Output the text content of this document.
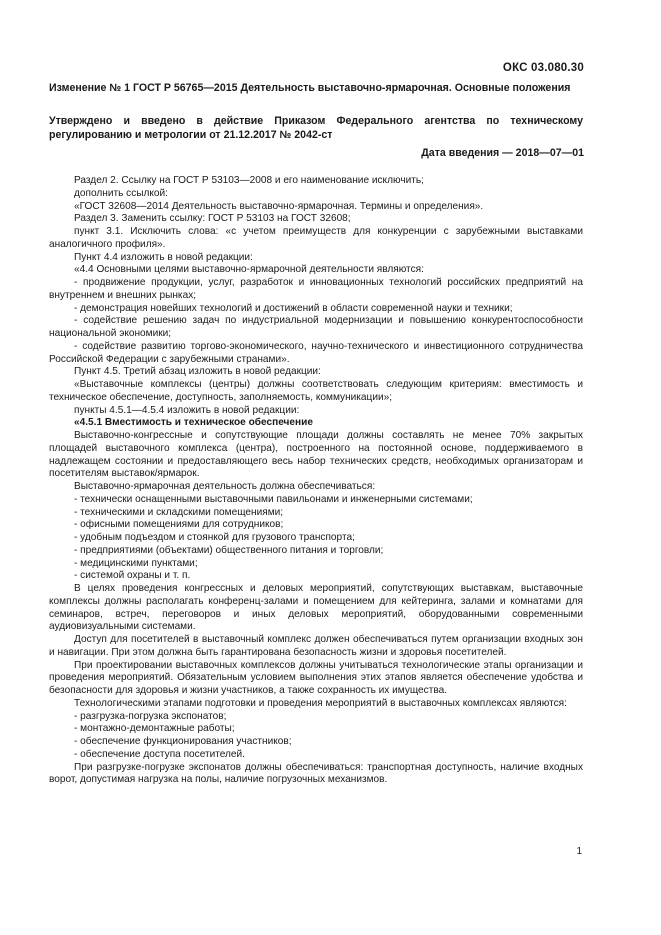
ОКС 03.080.30
Изменение № 1 ГОСТ Р 56765—2015 Деятельность выставочно-ярмарочная. Основные положения
Утверждено и введено в действие Приказом Федерального агентства по техническому регулированию и метрологии от 21.12.2017 № 2042-ст
Дата введения — 2018—07—01

Раздел 2. Ссылку на ГОСТ Р 53103—2008 и его наименование исключить;

дополнить ссылкой:

«ГОСТ 32608—2014 Деятельность выставочно-ярмарочная. Термины и определения».

Раздел 3. Заменить ссылку: ГОСТ Р 53103 на ГОСТ 32608;

пункт 3.1. Исключить слова: «с учетом преимуществ для конкуренции с зарубежными выставками аналогичного профиля».

Пункт 4.4 изложить в новой редакции:

«4.4 Основными целями выставочно-ярмарочной деятельности являются:

- продвижение продукции, услуг, разработок и инновационных технологий российских предприятий на внутреннем и внешних рынках;

- демонстрация новейших технологий и достижений в области современной науки и техники;

- содействие решению задач по индустриальной модернизации и повышению конкурентоспособности национальной экономики;

- содействие развитию торгово-экономического, научно-технического и инвестиционного сотрудничества Российской Федерации с зарубежными странами».

Пункт 4.5. Третий абзац изложить в новой редакции:

«Выставочные комплексы (центры) должны соответствовать следующим критериям: вместимость и техническое обеспечение, доступность, заполняемость, коммуникации»;

пункты 4.5.1—4.5.4 изложить в новой редакции:

«4.5.1 Вместимость и техническое обеспечение

Выставочно-конгрессные и сопутствующие площади должны составлять не менее 70% закрытых площадей выставочного комплекса (центра), построенного на постоянной основе, поддерживаемого в надлежащем состоянии и предоставляющего весь набор технических средств, необходимых организаторам и посетителям выставок/ярмарок.

Выставочно-ярмарочная деятельность должна обеспечиваться:

- технически оснащенными выставочными павильонами и инженерными системами;

- техническими и складскими помещениями;

- офисными помещениями для сотрудников;

- удобным подъездом и стоянкой для грузового транспорта;

- предприятиями (объектами) общественного питания и торговли;

- медицинскими пунктами;

- системой охраны и т. п.

В целях проведения конгрессных и деловых мероприятий, сопутствующих выставкам, выставочные комплексы должны располагать конференц-залами и помещением для кейтеринга, залами и комнатами для семинаров, встреч, переговоров и иных деловых мероприятий, оборудованными современными аудиовизуальными системами.

Доступ для посетителей в выставочный комплекс должен обеспечиваться путем организации входных зон и навигации. При этом должна быть гарантирована безопасность жизни и здоровья посетителей.

При проектировании выставочных комплексов должны учитываться технологические этапы организации и проведения мероприятий. Обязательным условием выполнения этих этапов является обеспечение удобства и безопасности для здоровья и жизни участников, а также сохранность их имущества.

Технологическими этапами подготовки и проведения мероприятий в выставочных комплексах являются:

- разгрузка-погрузка экспонатов;

- монтажно-демонтажные работы;

- обеспечение функционирования участников;

- обеспечение доступа посетителей.

При разгрузке-погрузке экспонатов должны обеспечиваться: транспортная доступность, наличие входных ворот, допустимая нагрузка на полы, наличие погрузочных механизмов.

1
